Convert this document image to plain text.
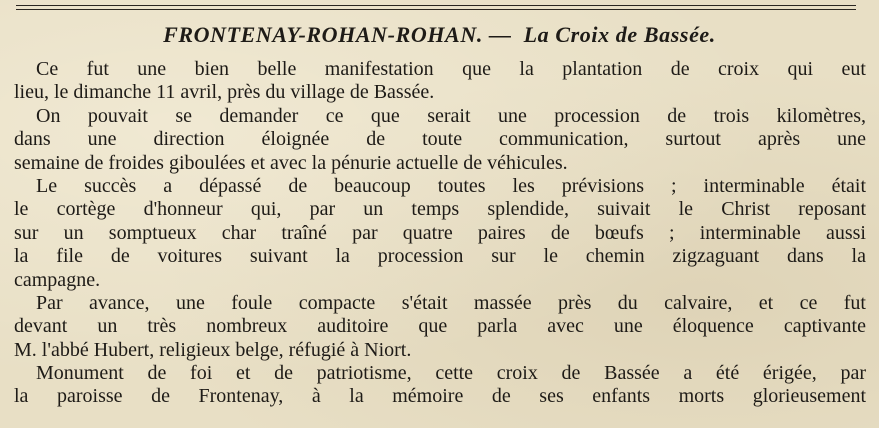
FRONTENAY-ROHAN-ROHAN. — La Croix de Bassée.
Ce fut une bien belle manifestation que la plantation de croix qui eut
lieu, le dimanche 11 avril, près du village de Bassée.
On pouvait se demander ce que serait une procession de trois kilomètres,
dans une direction éloignée de toute communication, surtout après une
semaine de froides giboulées et avec la pénurie actuelle de véhicules.
Le succès a dépassé de beaucoup toutes les prévisions ; interminable était
le cortège d'honneur qui, par un temps splendide, suivait le Christ reposant
sur un somptueux char traîné par quatre paires de bœufs ; interminable aussi
la file de voitures suivant la procession sur le chemin zigzaguant dans la
campagne.
Par avance, une foule compacte s'était massée près du calvaire, et ce fut
devant un très nombreux auditoire que parla avec une éloquence captivante
M. l'abbé Hubert, religieux belge, réfugié à Niort.
Monument de foi et de patriotisme, cette croix de Bassée a été érigée, par
la paroisse de Frontenay, à la mémoire de ses enfants morts glorieusement
